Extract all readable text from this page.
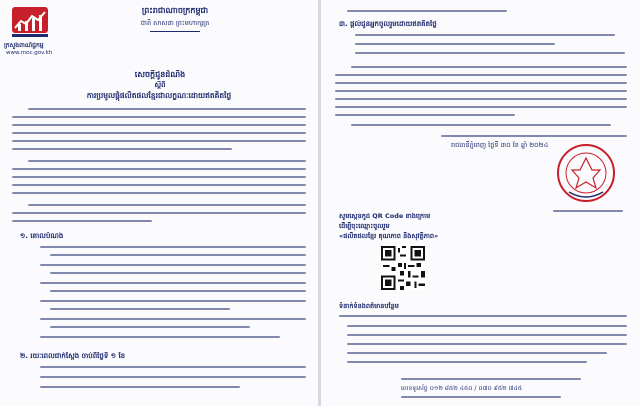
ក្រសួងពាណិជ្ជកម្ម
www.moc.gov.kh
ព្រះរាជាណាចក្រកម្ពុជា
ជាតិ សាសនា ព្រះមហាក្សត្រ
សេចក្តីជូនដំណឹង
ស្តីពី
ការប្រមូលផ្តុំផលិតផលខ្មែរជាលក្ខណៈដោយឥតគិតថ្លៃ
១. គោលបំណង
២. រយៈពេលជាក់ស្តែង ចាប់ពីថ្ងៃទី ១ ខែ
៣. ផ្តល់ជូនអ្នកចូលរួមដោយឥតគិតថ្លៃ
រាជធានីភ្នំពេញ ថ្ងៃទី ៣០ ខែ ឆ្នាំ ២០២៤
សូមស្កេនកូដ QR Code ខាងក្រោម
ដើម្បីចុះឈ្មោះចូលរួម
«ផលិតផលខ្មែរ គុណភាព និងសុវត្ថិភាព»
ទំនាក់ទំនងពត៌មានបន្ថែម
លេខទូរស័ព្ទ ០១២ ៨៥២ ៤៥០ / ០៧០ ៩៥២ ៧៤៥
